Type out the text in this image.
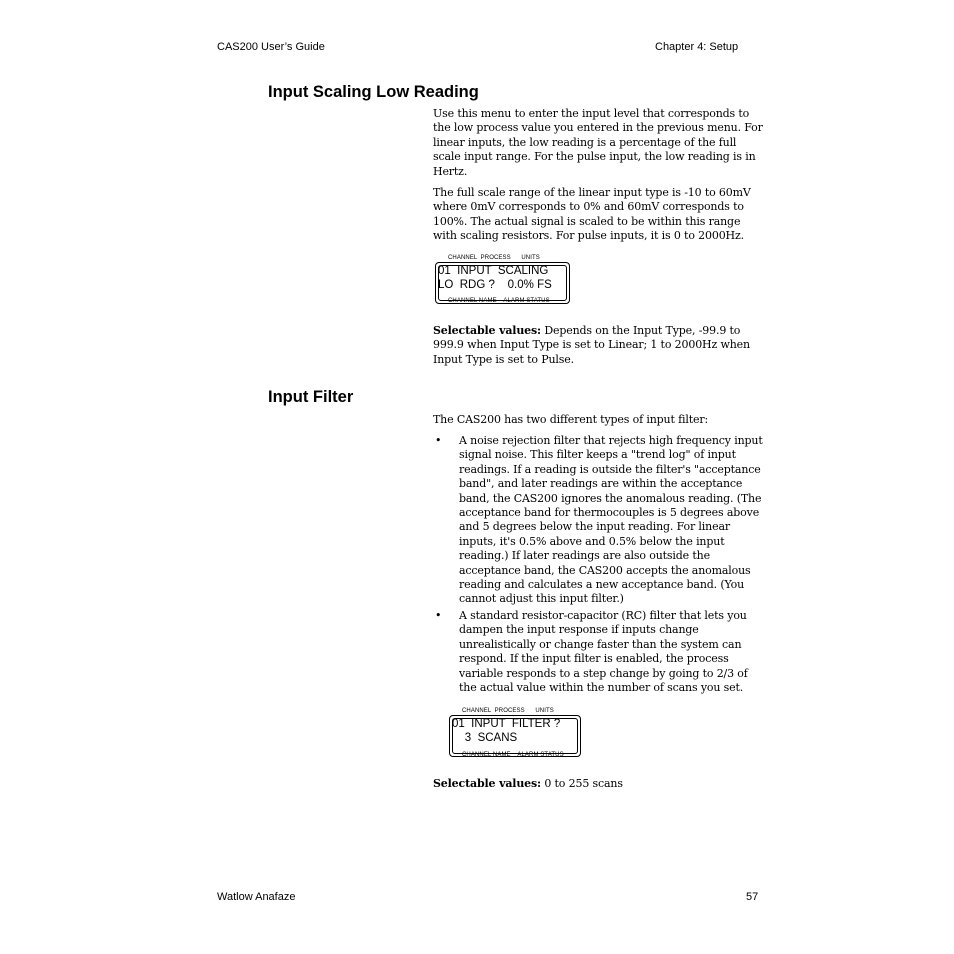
CAS200 User’s Guide	Chapter 4: Setup
Input Scaling Low Reading

Use this menu to enter the input level that corresponds to the low process value you entered in the previous menu. For linear inputs, the low reading is a percentage of the full scale input range. For the pulse input, the low reading is in Hertz.

The full scale range of the linear input type is -10 to 60mV where 0mV corresponds to 0% and 60mV corresponds to 100%. The actual signal is scaled to be within this range with scaling resistors. For pulse inputs, it is 0 to 2000Hz.

CHANNEL  PROCESS      UNITS
01  INPUT  SCALING
LO  RDG ?    0.0% FS
CHANNEL NAME    ALARM STATUS

Selectable values: Depends on the Input Type, -99.9 to 999.9 when Input Type is set to Linear; 1 to 2000Hz when Input Type is set to Pulse.

Input Filter
The CAS200 has two different types of input filter:
• A noise rejection filter that rejects high frequency input signal noise. This filter keeps a "trend log" of input readings. If a reading is outside the filter's "acceptance band", and later readings are within the acceptance band, the CAS200 ignores the anomalous reading. (The acceptance band for thermocouples is 5 degrees above and 5 degrees below the input reading. For linear inputs, it's 0.5% above and 0.5% below the input reading.) If later readings are also outside the acceptance band, the CAS200 accepts the anomalous reading and calculates a new acceptance band. (You cannot adjust this input filter.)
• A standard resistor-capacitor (RC) filter that lets you dampen the input response if inputs change unrealistically or change faster than the system can respond. If the input filter is enabled, the process variable responds to a step change by going to 2/3 of the actual value within the number of scans you set.
CHANNEL  PROCESS      UNITS
01  INPUT  FILTER ?
3  SCANS
CHANNEL NAME    ALARM STATUS

Selectable values: 0 to 255 scans

Watlow Anafaze	57
